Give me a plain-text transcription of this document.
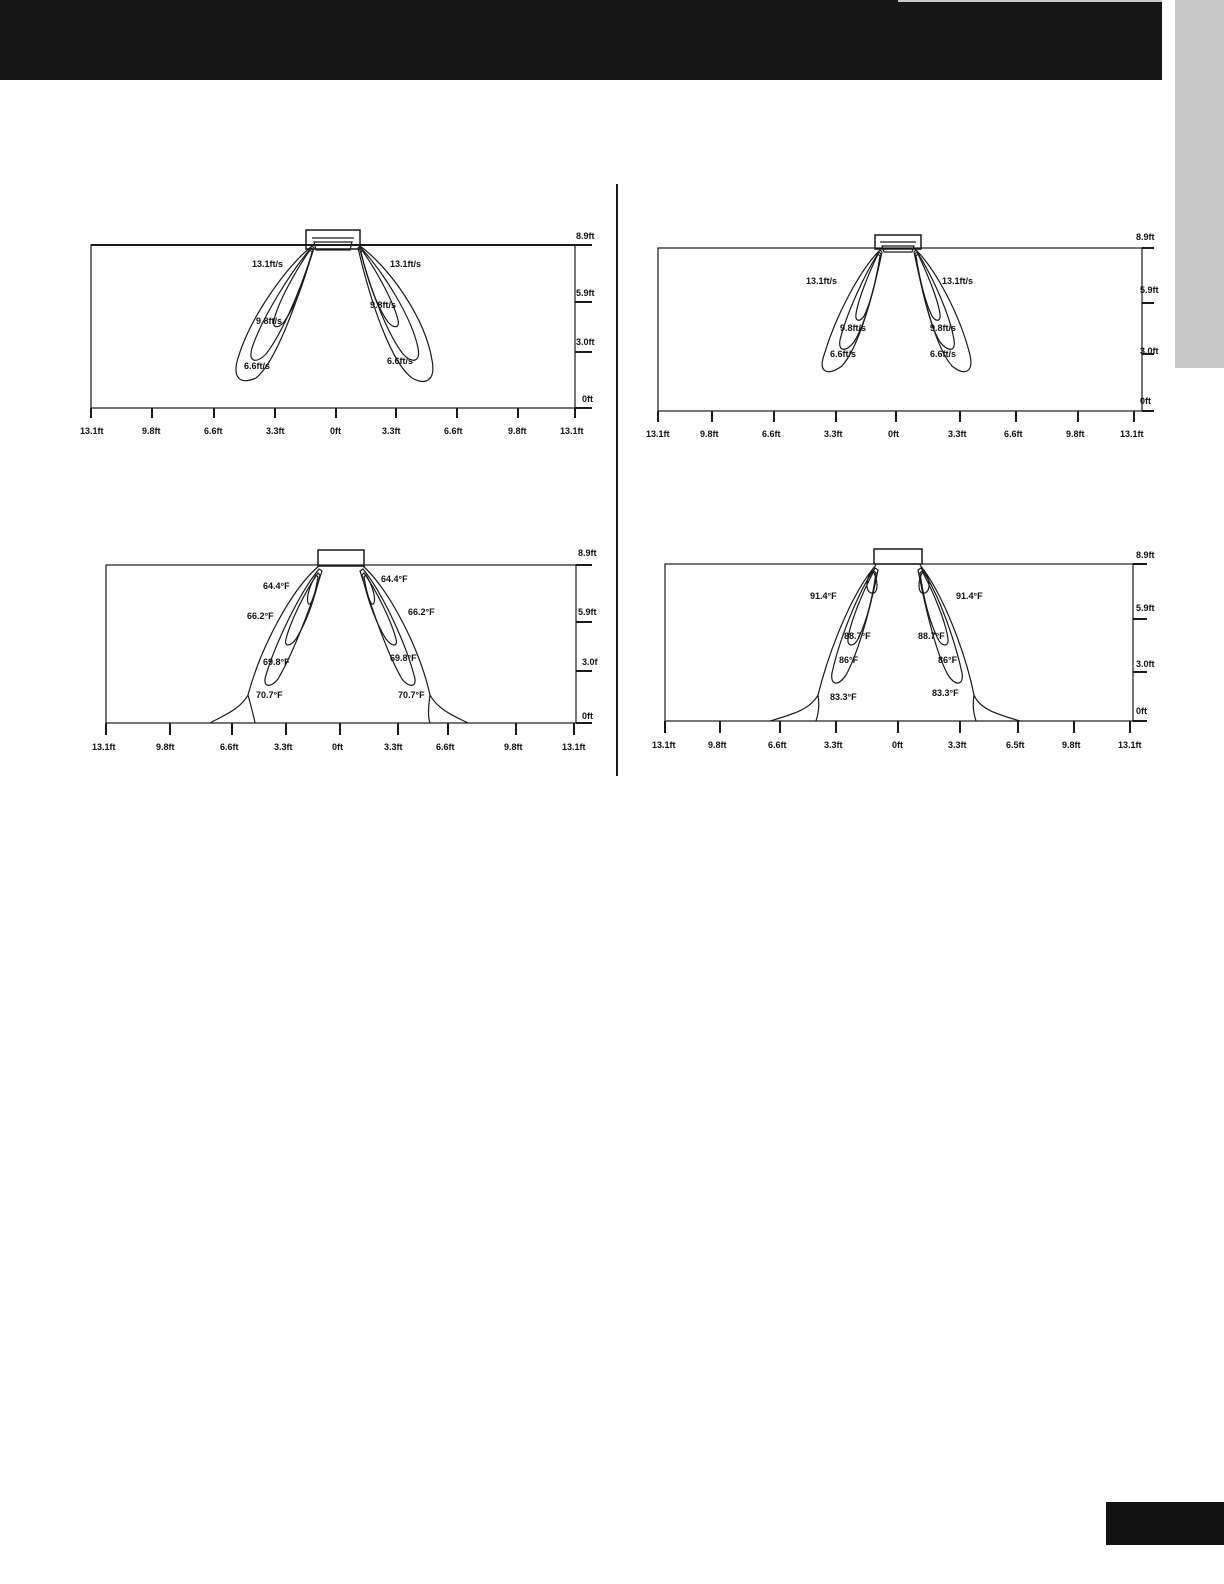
8.9ft
5.9ft
3.0ft
0ft
13.1ft	9.8ft	6.6ft	3.3ft	0ft	3.3ft	6.6ft	9.8ft	13.1ft
13.1ft/s	13.1ft/s
9.8ft/s
9.8ft/s
6.6ft/s	6.6ft/s
8.9ft
5.9ft
3.0ft
0ft
13.1ft	9.8ft	6.6ft	3.3ft	0ft	3.3ft	6.6ft	9.8ft	13.1ft
13.1ft/s	13.1ft/s
9.8ft/s	9.8ft/s
6.6ft/s	6.6ft/s
8.9ft
5.9ft
3.0f
0ft
13.1ft	9.8ft	6.6ft	3.3ft	0ft	3.3ft	6.6ft	9.8ft	13.1ft
64.4°F
64.4°F
66.2°F	66.2°F
69.8°F	69.8°F
70.7°F	70.7°F
8.9ft
5.9ft
3.0ft
0ft
13.1ft	9.8ft	6.6ft	3.3ft	0ft	3.3ft	6.5ft	9.8ft	13.1ft
91.4°F	91.4°F
88.7°F	88.7°F
86°F	86°F
83.3°F	83.3°F
